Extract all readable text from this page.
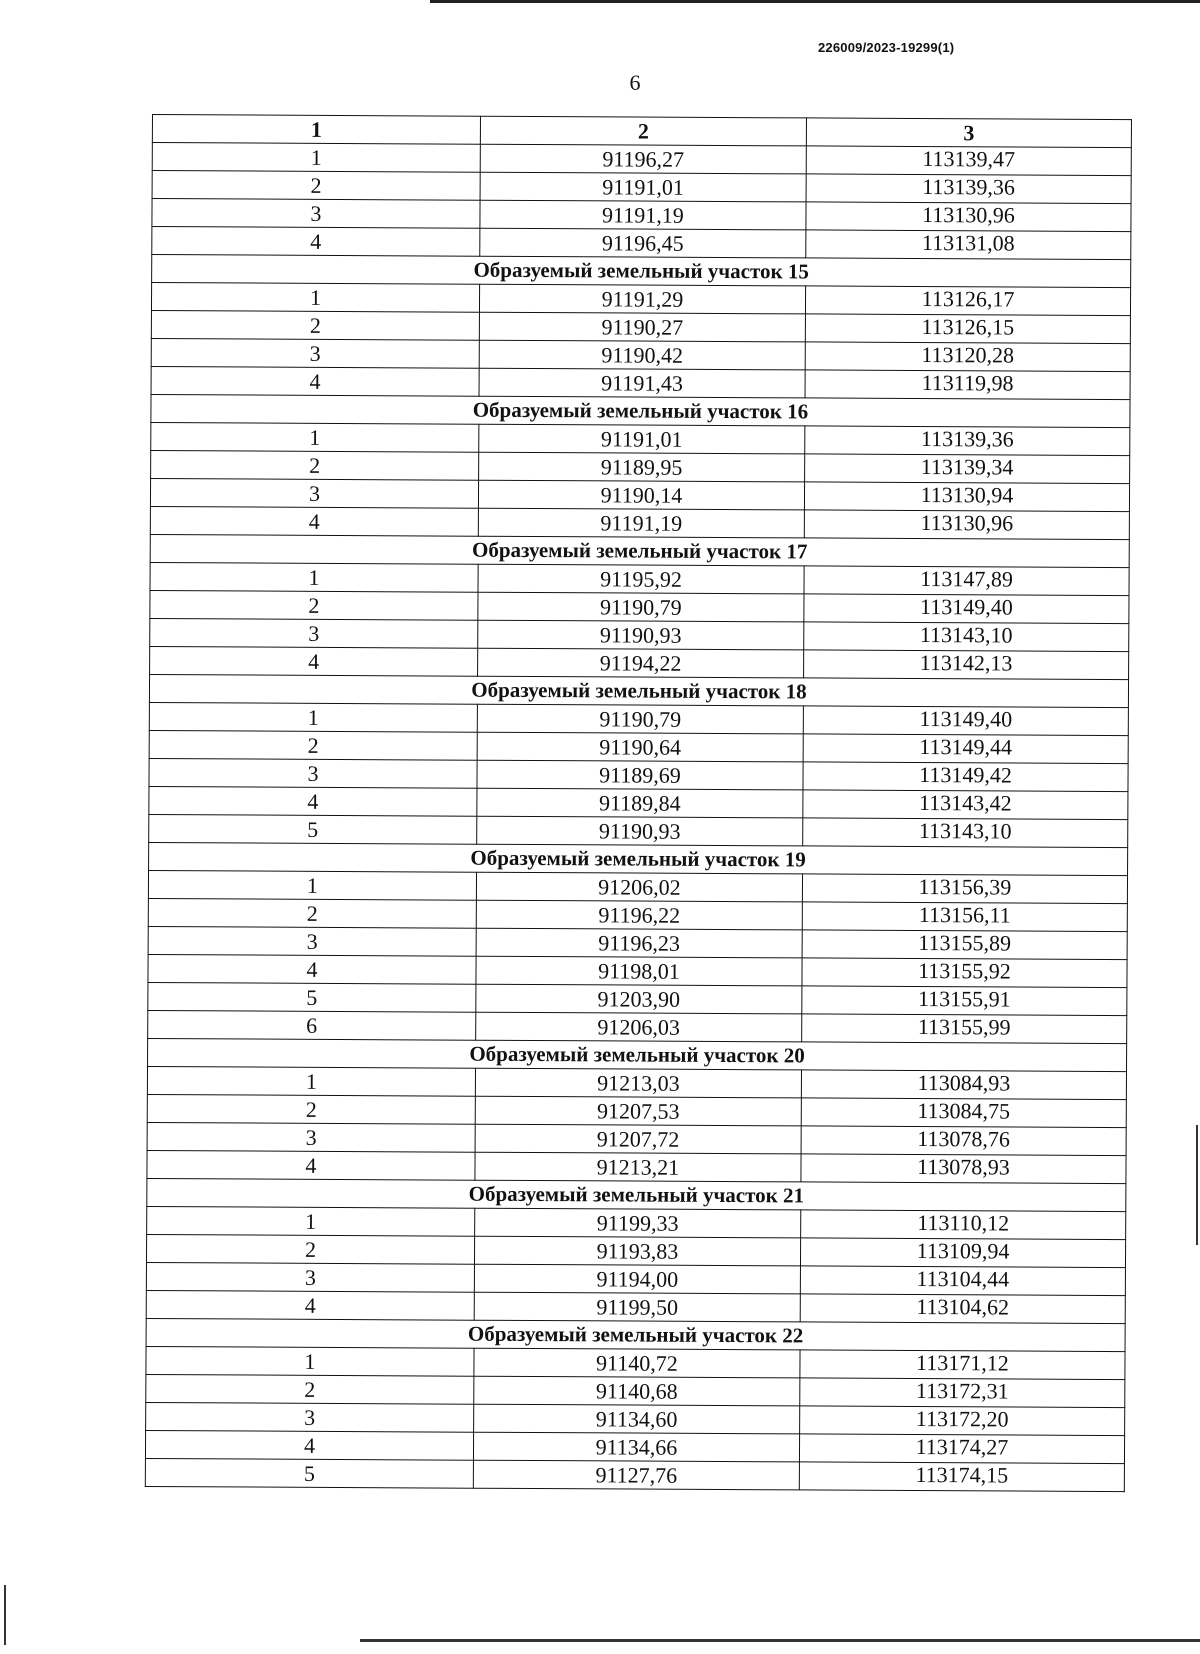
226009/2023-19299(1)
6
1	2	3
1	91196,27	113139,47
2	91191,01	113139,36
3	91191,19	113130,96
4	91196,45	113131,08
Образуемый земельный участок 15		
1	91191,29	113126,17
2	91190,27	113126,15
3	91190,42	113120,28
4	91191,43	113119,98
Образуемый земельный участок 16		
1	91191,01	113139,36
2	91189,95	113139,34
3	91190,14	113130,94
4	91191,19	113130,96
Образуемый земельный участок 17		
1	91195,92	113147,89
2	91190,79	113149,40
3	91190,93	113143,10
4	91194,22	113142,13
Образуемый земельный участок 18		
1	91190,79	113149,40
2	91190,64	113149,44
3	91189,69	113149,42
4	91189,84	113143,42
5	91190,93	113143,10
Образуемый земельный участок 19		
1	91206,02	113156,39
2	91196,22	113156,11
3	91196,23	113155,89
4	91198,01	113155,92
5	91203,90	113155,91
6	91206,03	113155,99
Образуемый земельный участок 20		
1	91213,03	113084,93
2	91207,53	113084,75
3	91207,72	113078,76
4	91213,21	113078,93
Образуемый земельный участок 21		
1	91199,33	113110,12
2	91193,83	113109,94
3	91194,00	113104,44
4	91199,50	113104,62
Образуемый земельный участок 22		
1	91140,72	113171,12
2	91140,68	113172,31
3	91134,60	113172,20
4	91134,66	113174,27
5	91127,76	113174,15
